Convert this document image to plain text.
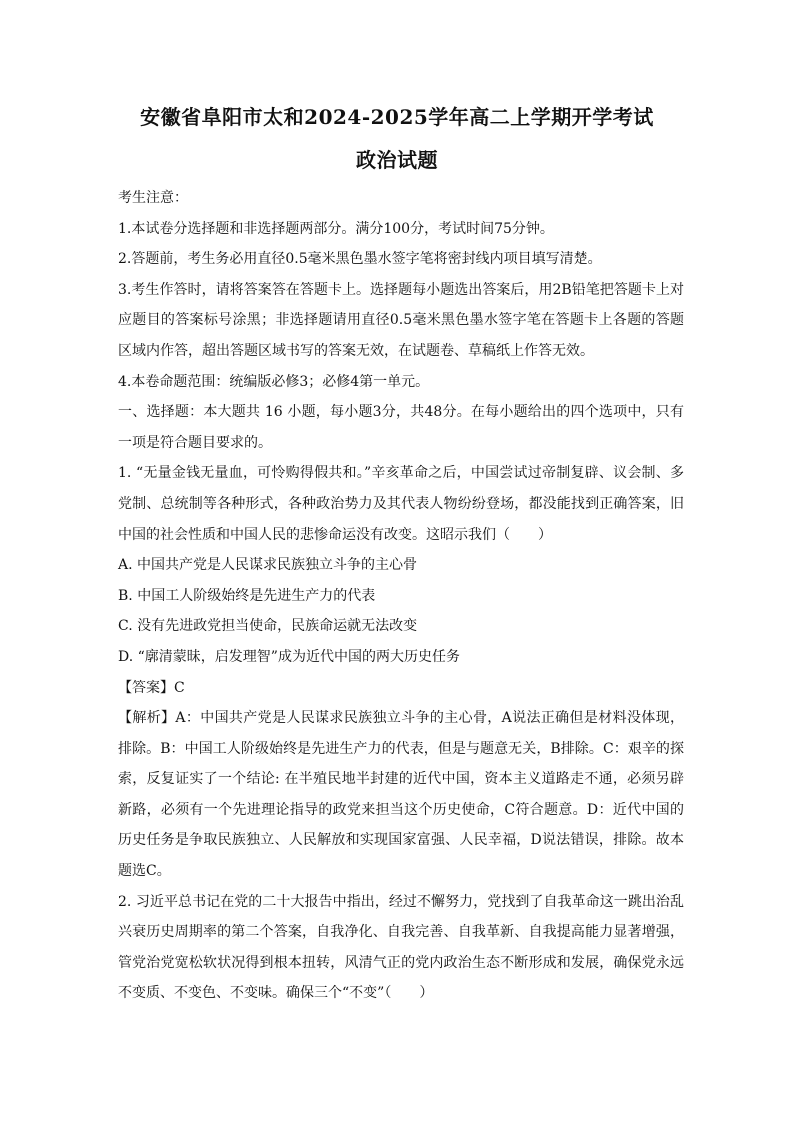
安徽省阜阳市太和2024-2025学年高二上学期开学考试
政治试题

考生注意：

1.本试卷分选择题和非选择题两部分。满分100分，考试时间75分钟。

2.答题前，考生务必用直径0.5毫米黑色墨水签字笔将密封线内项目填写清楚。

3.考生作答时，请将答案答在答题卡上。选择题每小题选出答案后，用2B铅笔把答题卡上对应题目的答案标号涂黑；非选择题请用直径0.5毫米黑色墨水签字笔在答题卡上各题的答题区域内作答，超出答题区域书写的答案无效，在试题卷、草稿纸上作答无效。

4.本卷命题范围：统编版必修3；必修4第一单元。

一、选择题：本大题共 16 小题，每小题3分，共48分。在每小题给出的四个选项中，只有一项是符合题目要求的。

1. “无量金钱无量血，可怜购得假共和。”辛亥革命之后，中国尝试过帝制复辟、议会制、多党制、总统制等各种形式，各种政治势力及其代表人物纷纷登场，都没能找到正确答案，旧中国的社会性质和中国人民的悲惨命运没有改变。这昭示我们（　　）

A. 中国共产党是人民谋求民族独立斗争的主心骨

B. 中国工人阶级始终是先进生产力的代表

C. 没有先进政党担当使命，民族命运就无法改变

D. “廓清蒙昧，启发理智”成为近代中国的两大历史任务

【答案】C

【解析】A：中国共产党是人民谋求民族独立斗争的主心骨，A说法正确但是材料没体现，排除。B：中国工人阶级始终是先进生产力的代表，但是与题意无关，B排除。C：艰辛的探索，反复证实了一个结论: 在半殖民地半封建的近代中国，资本主义道路走不通，必须另辟新路，必须有一个先进理论指导的政党来担当这个历史使命，C符合题意。D：近代中国的历史任务是争取民族独立、人民解放和实现国家富强、人民幸福，D说法错误，排除。故本题选C。

2. 习近平总书记在党的二十大报告中指出，经过不懈努力，党找到了自我革命这一跳出治乱兴衰历史周期率的第二个答案，自我净化、自我完善、自我革新、自我提高能力显著增强，管党治党宽松软状况得到根本扭转，风清气正的党内政治生态不断形成和发展，确保党永远不变质、不变色、不变味。确保三个“不变”（　　）
